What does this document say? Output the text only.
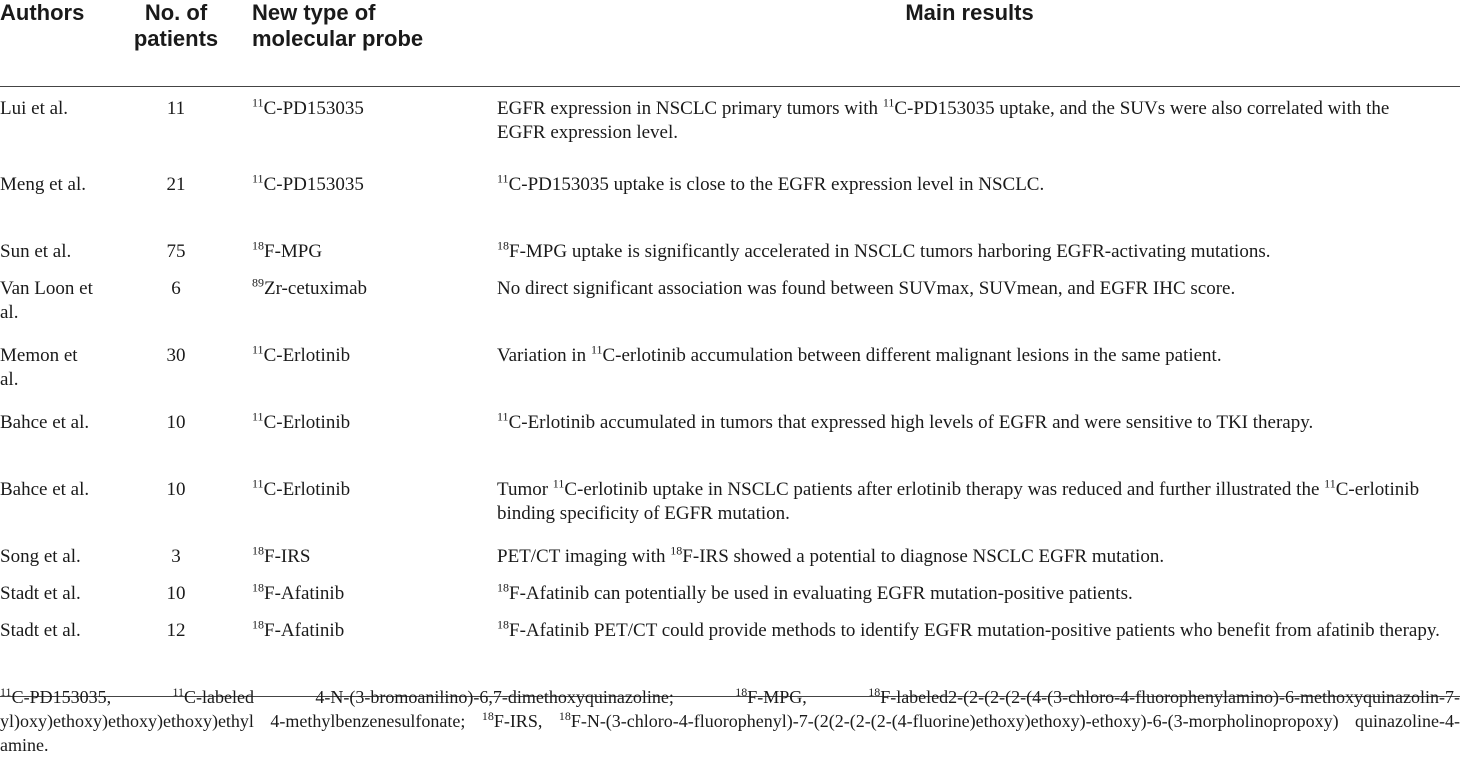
Authors	No. of patients	New type of molecular probe	Main results
Lui et al.	11	$^{11}$C-PD153035	EGFR expression in NSCLC primary tumors with $^{11}$C-PD153035 uptake, and the SUVs were also correlated with the EGFR expression level.
Meng et al.	21	$^{11}$C-PD153035	$^{11}$C-PD153035 uptake is close to the EGFR expression level in NSCLC.
Sun et al.	75	$^{18}$F-MPG	$^{18}$F-MPG uptake is significantly accelerated in NSCLC tumors harboring EGFR-activating mutations.
Van Loon et al.	6	$^{89}$Zr-cetuximab	No direct significant association was found between SUVmax, SUVmean, and EGFR IHC score.
Memon et al.	30	$^{11}$C-Erlotinib	Variation in $^{11}$C-erlotinib accumulation between different malignant lesions in the same patient.
Bahce et al.	10	$^{11}$C-Erlotinib	$^{11}$C-Erlotinib accumulated in tumors that expressed high levels of EGFR and were sensitive to TKI therapy.
Bahce et al.	10	$^{11}$C-Erlotinib	Tumor $^{11}$C-erlotinib uptake in NSCLC patients after erlotinib therapy was reduced and further illustrated the $^{11}$C-erlotinib binding specificity of EGFR mutation.
Song et al.	3	$^{18}$F-IRS	PET/CT imaging with $^{18}$F-IRS showed a potential to diagnose NSCLC EGFR mutation.
Stadt et al.	10	$^{18}$F-Afatinib	$^{18}$F-Afatinib can potentially be used in evaluating EGFR mutation-positive patients.
Stadt et al.	12	$^{18}$F-Afatinib	$^{18}$F-Afatinib PET/CT could provide methods to identify EGFR mutation-positive patients who benefit from afatinib therapy.
$^{11}$C-PD153035, $^{11}$C-labeled 4-N-(3-bromoanilino)-6,7-dimethoxyquinazoline; $^{18}$F-MPG, $^{18}$F-labeled2-(2-(2-(2-(4-(3-chloro-4-fluorophenylamino)-6-methoxyquinazolin-7-yl)oxy)ethoxy)ethoxy)ethoxy)ethyl 4-methylbenzenesulfonate; $^{18}$F-IRS, $^{18}$F-N-(3-chloro-4-fluorophenyl)-7-(2(2-(2-(2-(4-fluorine)ethoxy)ethoxy)-ethoxy)-6-(3-morpholinopropoxy) quinazoline-4-amine.
